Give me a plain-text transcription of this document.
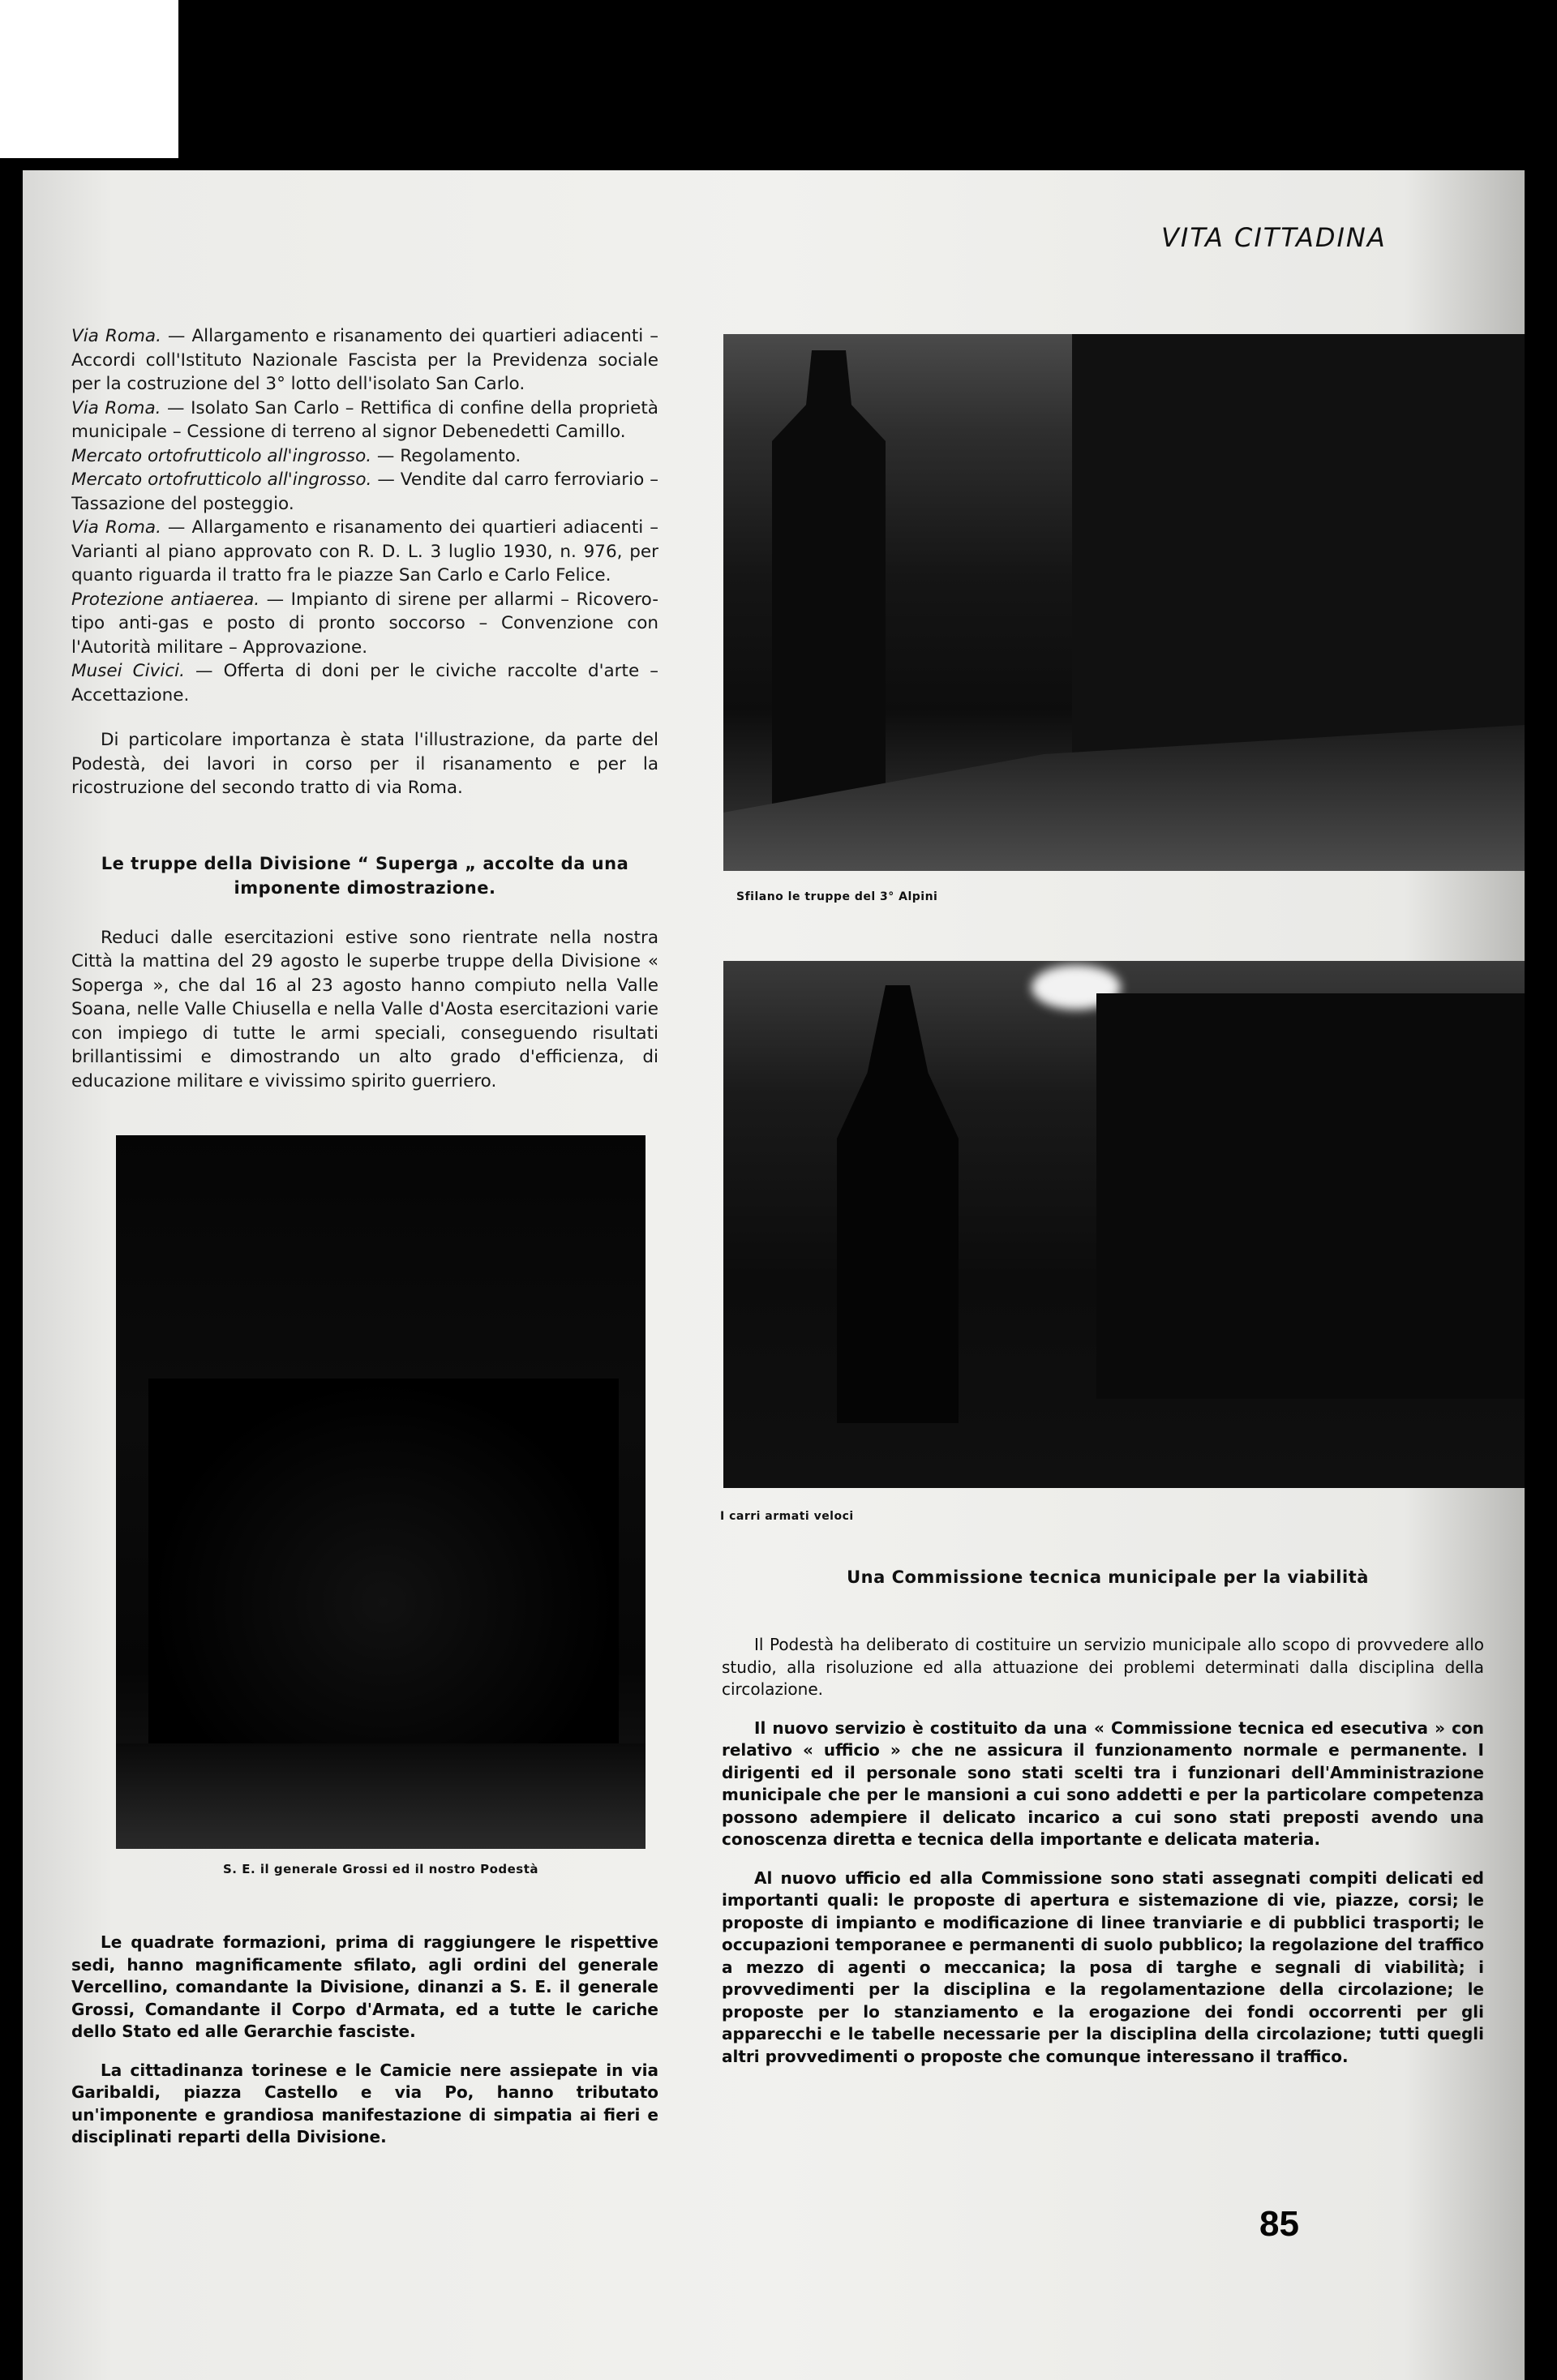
VITA CITTADINA

Via Roma. — Allargamento e risanamento dei quartieri adiacenti – Accordi coll'Istituto Nazionale Fascista per la Previdenza sociale per la costruzione del 3° lotto dell'isolato San Carlo.

Via Roma. — Isolato San Carlo – Rettifica di confine della proprietà municipale – Cessione di terreno al signor Debenedetti Camillo.

Mercato ortofrutticolo all'ingrosso. — Regolamento.

Mercato ortofrutticolo all'ingrosso. — Vendite dal carro ferroviario – Tassazione del posteggio.

Via Roma. — Allargamento e risanamento dei quartieri adiacenti – Varianti al piano approvato con R. D. L. 3 luglio 1930, n. 976, per quanto riguarda il tratto fra le piazze San Carlo e Carlo Felice.

Protezione antiaerea. — Impianto di sirene per allarmi – Ricovero-tipo anti-gas e posto di pronto soccorso – Convenzione con l'Autorità militare – Approvazione.

Musei Civici. — Offerta di doni per le civiche raccolte d'arte – Accettazione.

Di particolare importanza è stata l'illustrazione, da parte del Podestà, dei lavori in corso per il risanamento e per la ricostruzione del secondo tratto di via Roma.

Le truppe della Divisione “ Superga „ accolte da una imponente dimostrazione.

Reduci dalle esercitazioni estive sono rientrate nella nostra Città la mattina del 29 agosto le superbe truppe della Divisione « Soperga », che dal 16 al 23 agosto hanno compiuto nella Valle Soana, nelle Valle Chiusella e nella Valle d'Aosta esercitazioni varie con impiego di tutte le armi speciali, conseguendo risultati brillantissimi e dimostrando un alto grado d'efficienza, di educazione militare e vivissimo spirito guerriero.

S. E. il generale Grossi ed il nostro Podestà

Le quadrate formazioni, prima di raggiungere le rispettive sedi, hanno magnificamente sfilato, agli ordini del generale Vercellino, comandante la Divisione, dinanzi a S. E. il generale Grossi, Comandante il Corpo d'Armata, ed a tutte le cariche dello Stato ed alle Gerarchie fasciste.

La cittadinanza torinese e le Camicie nere assiepate in via Garibaldi, piazza Castello e via Po, hanno tributato un'imponente e grandiosa manifestazione di simpatia ai fieri e disciplinati reparti della Divisione.

Sfilano le truppe del 3° Alpini
I carri armati veloci
Una Commissione tecnica municipale per la viabilità

Il Podestà ha deliberato di costituire un servizio municipale allo scopo di provvedere allo studio, alla risoluzione ed alla attuazione dei problemi determinati dalla disciplina della circolazione.

Il nuovo servizio è costituito da una « Commissione tecnica ed esecutiva » con relativo « ufficio » che ne assicura il funzionamento normale e permanente. I dirigenti ed il personale sono stati scelti tra i funzionari dell'Amministrazione municipale che per le mansioni a cui sono addetti e per la particolare competenza possono adempiere il delicato incarico a cui sono stati preposti avendo una conoscenza diretta e tecnica della importante e delicata materia.

Al nuovo ufficio ed alla Commissione sono stati assegnati compiti delicati ed importanti quali: le proposte di apertura e sistemazione di vie, piazze, corsi; le proposte di impianto e modificazione di linee tranviarie e di pubblici trasporti; le occupazioni temporanee e permanenti di suolo pubblico; la regolazione del traffico a mezzo di agenti o meccanica; la posa di targhe e segnali di viabilità; i provvedimenti per la disciplina e la regolamentazione della circolazione; le proposte per lo stanziamento e la erogazione dei fondi occorrenti per gli apparecchi e le tabelle necessarie per la disciplina della circolazione; tutti quegli altri provvedimenti o proposte che comunque interessano il traffico.

85
